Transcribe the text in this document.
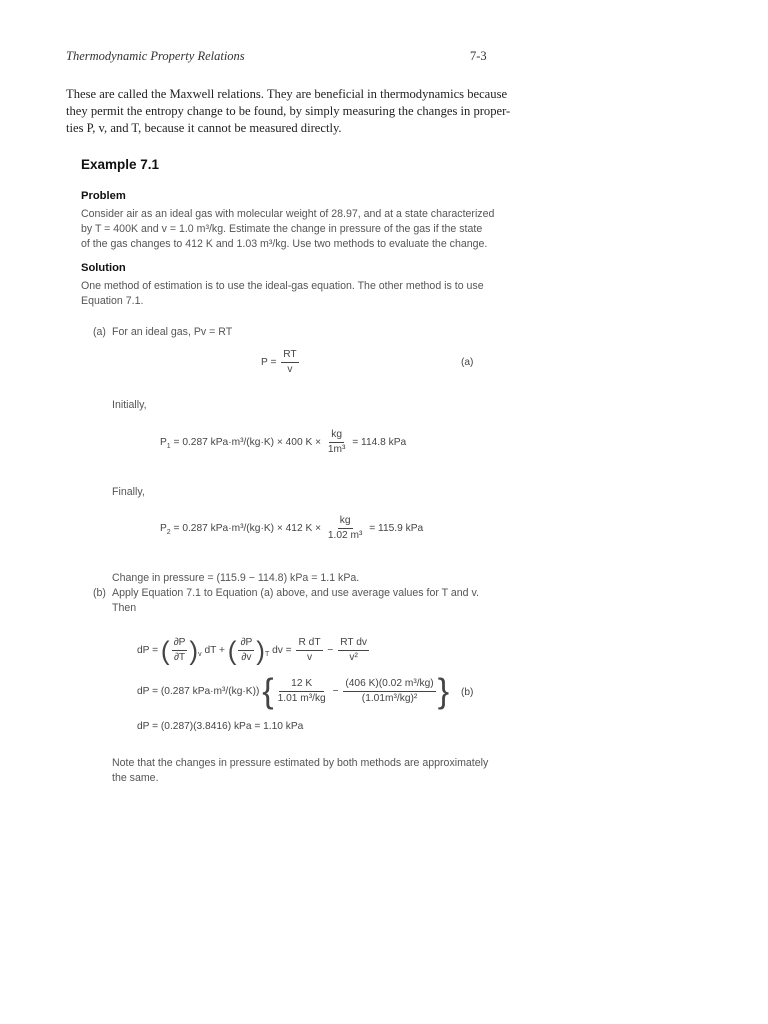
Thermodynamic Property Relations	7-3
These are called the Maxwell relations. They are beneficial in thermodynamics because
they permit the entropy change to be found, by simply measuring the changes in proper-
ties P, v, and T, because it cannot be measured directly.
Example 7.1
Problem
Consider air as an ideal gas with molecular weight of 28.97, and at a state characterized
by T = 400K and v = 1.0 m³/kg. Estimate the change in pressure of the gas if the state
of the gas changes to 412 K and 1.03 m³/kg. Use two methods to evaluate the change.
Solution
One method of estimation is to use the ideal-gas equation. The other method is to use
Equation 7.1.
(a) For an ideal gas, Pv = RT
$P = \frac{RT}{v}$	(a)
Initially,
$P_1 = 0.287$ kPa·m³/(kg·K) × 400 $K \times \frac{kg}{\text{1m³}} = 114.8$ kPa
Finally,
$P_2 = 0.287$ kPa·m³/(kg·K) × 412 $K \times \frac{kg}{\text{1.02 m³}} = 115.9$ kPa
Change in pressure = (115.9 − 114.8) kPa = 1.1 kPa.
(b) Apply Equation 7.1 to Equation (a) above, and use average values for T and v.
Then
dP = ( $\frac{\partial P}{\partial T} )_v$ dT + ( $\frac{\partial P}{\partial v} )_T$ dv = $\frac{\text{R dT}}{v} - \frac{\text{RT dv}}{\text{v²}}$
dP = (0.287 kPa·m³/(kg·K)) { $\frac{12 K}{\text{1.01 m³/kg}} - \frac{\text{(406 K)(0.02 m³/kg)}}{\text{(1.01m³/kg)²}}$ } (b)
dP = (0.287)(3.8416) kPa = 1.10 kPa
Note that the changes in pressure estimated by both methods are approximately
the same.
